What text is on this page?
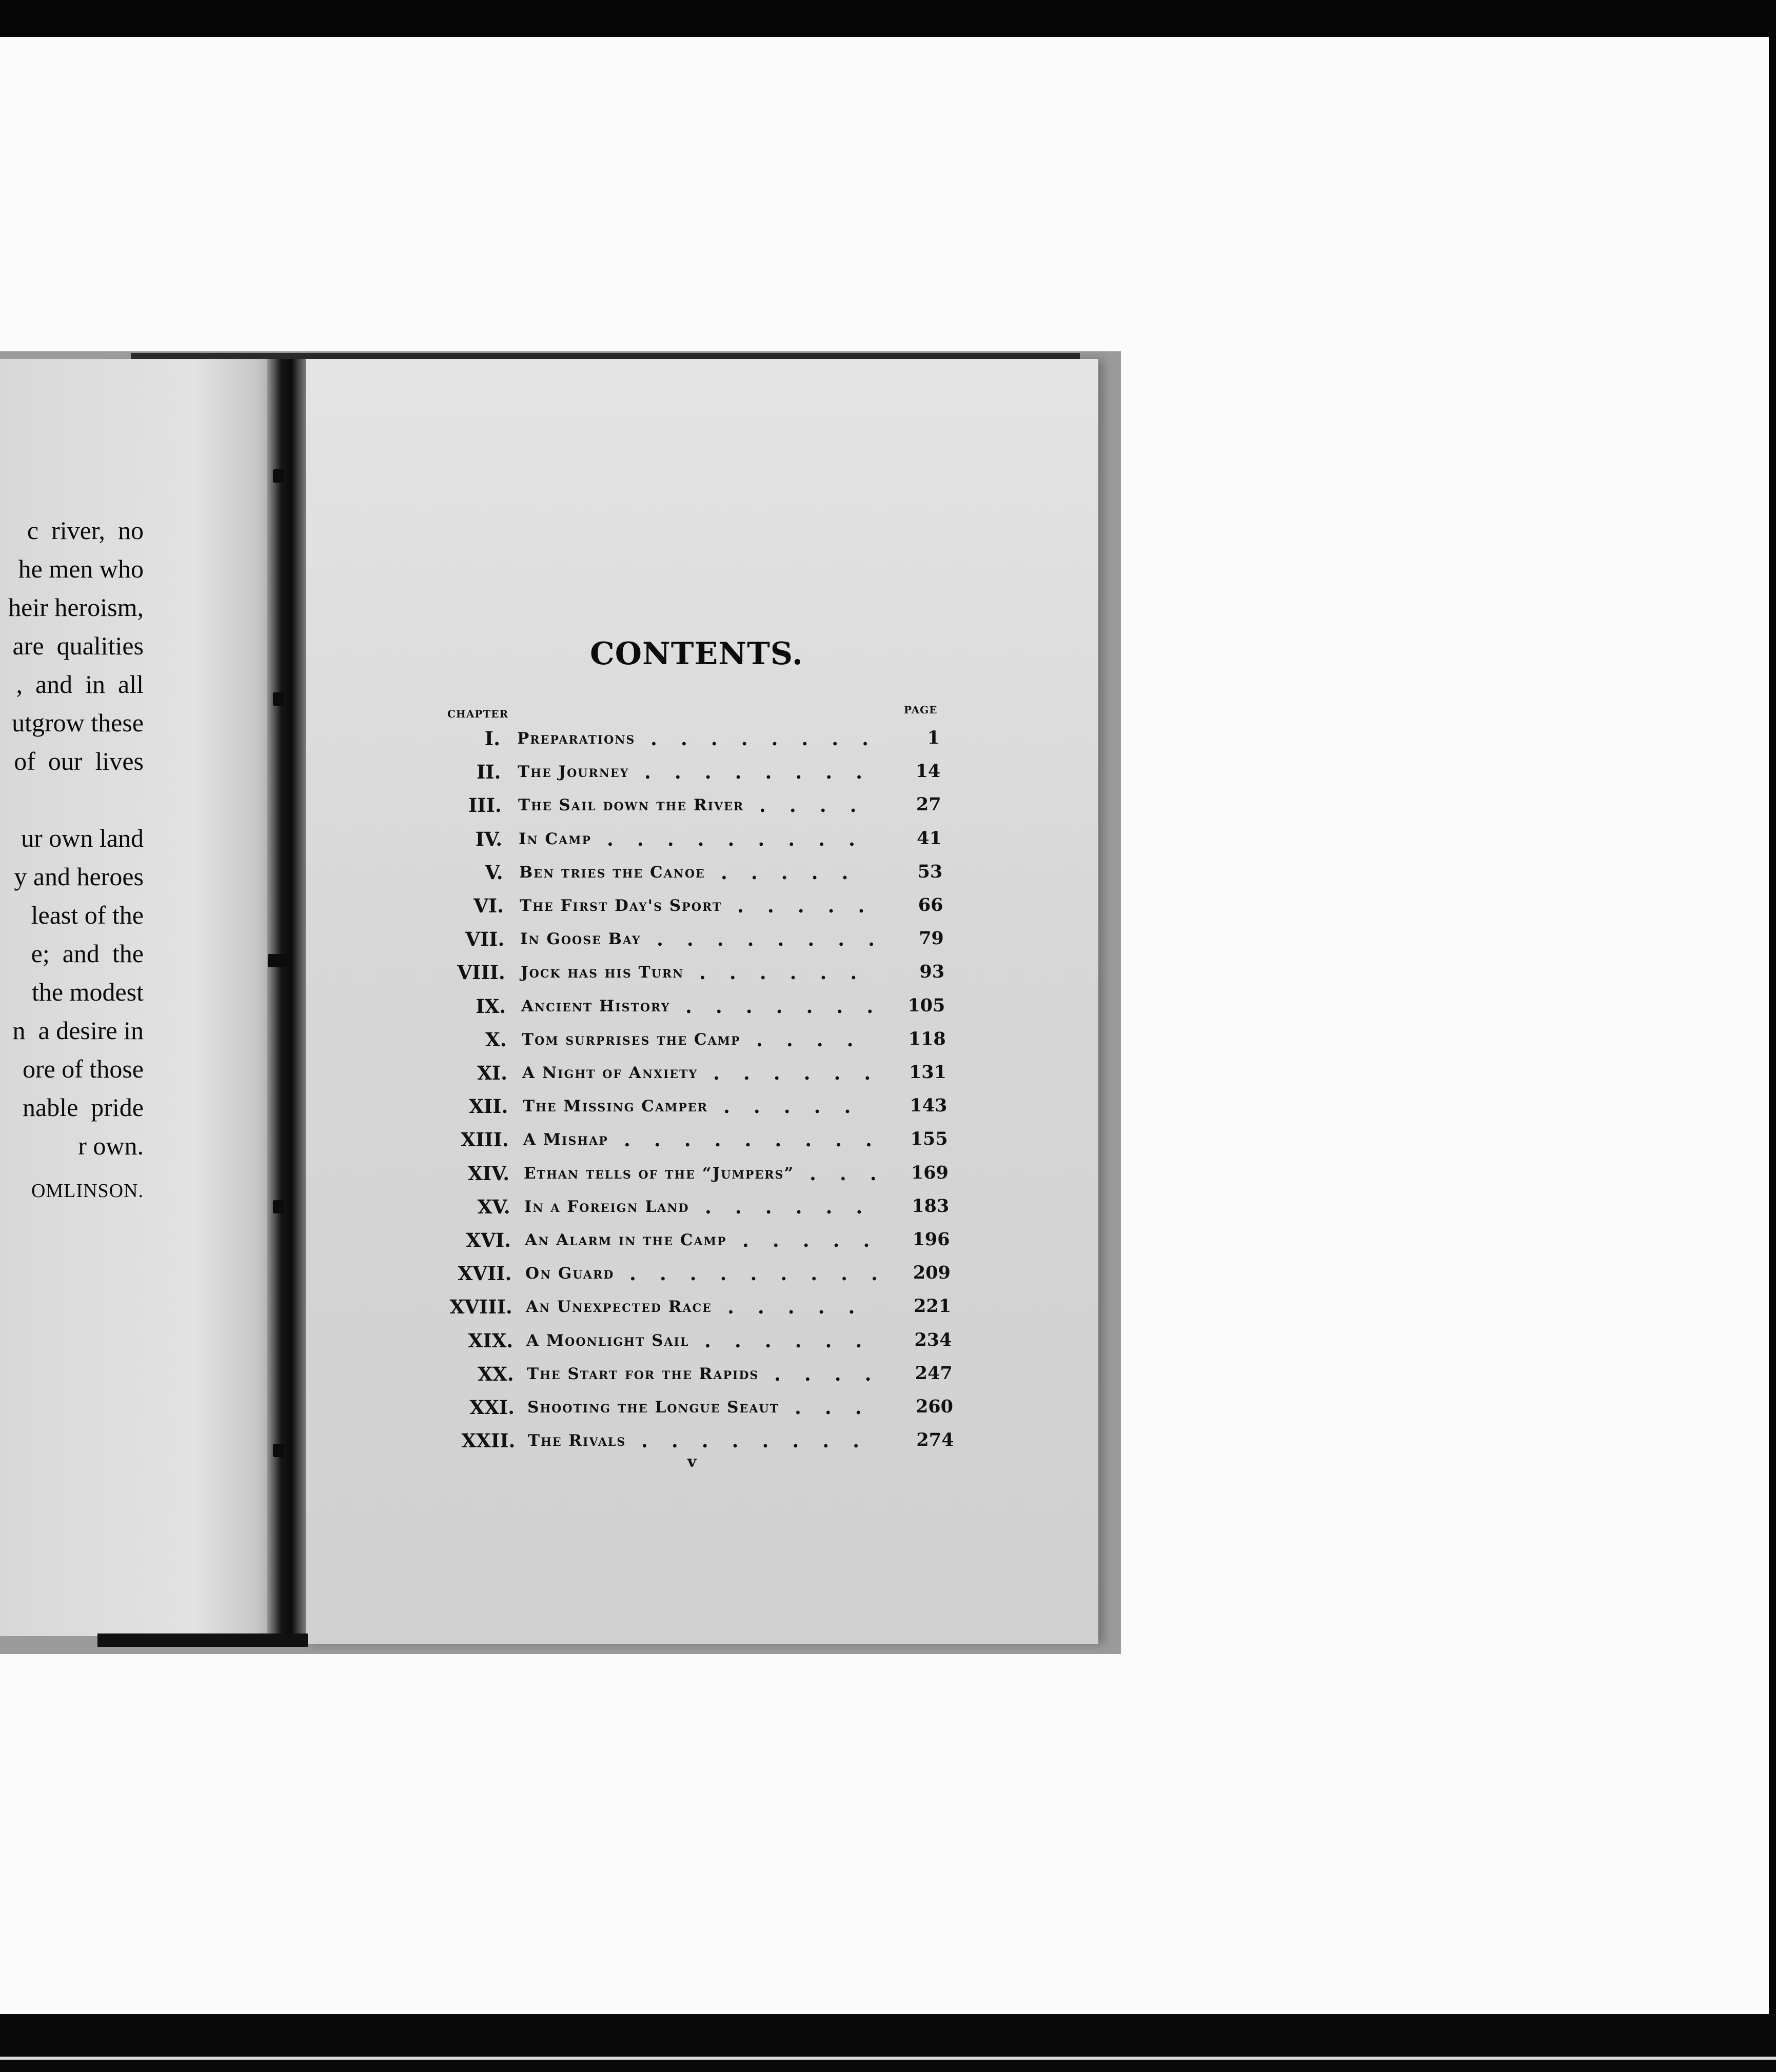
c  river,  no
he men who
heir heroism,
are  qualities
,  and  in  all
utgrow these
of  our  lives
ur own land
y and heroes
least of the
e;  and  the
the modest
n  a desire in
ore of those
nable  pride
r own.
OMLINSON.
CONTENTS.
CHAPTER	PAGE
I. Preparations ........	1
II. The Journey ........	14
III. The Sail down the River ....	27
IV. In Camp .........	41
V. Ben tries the Canoe .....	53
VI. The First Day's Sport .....	66
VII. In Goose Bay ........	79
VIII. Jock has his Turn ......	93
IX. Ancient History ....... 105
X. Tom surprises the Camp ....	118
XI. A Night of Anxiety ...... 131
XII. The Missing Camper .....	143
XIII. A Mishap ......... 155
XIV. Ethan tells of the “Jumpers” ... 169
XV. In a Foreign Land ......	183
XVI. An Alarm in the Camp .....	196
XVII. On Guard ......... 209
XVIII. An Unexpected Race .....	221
XIX. A Moonlight Sail ......	234
XX. The Start for the Rapids ....	247
XXI. Shooting the Longue Seaut ...	260
XXII. The Rivals ........	274
v
